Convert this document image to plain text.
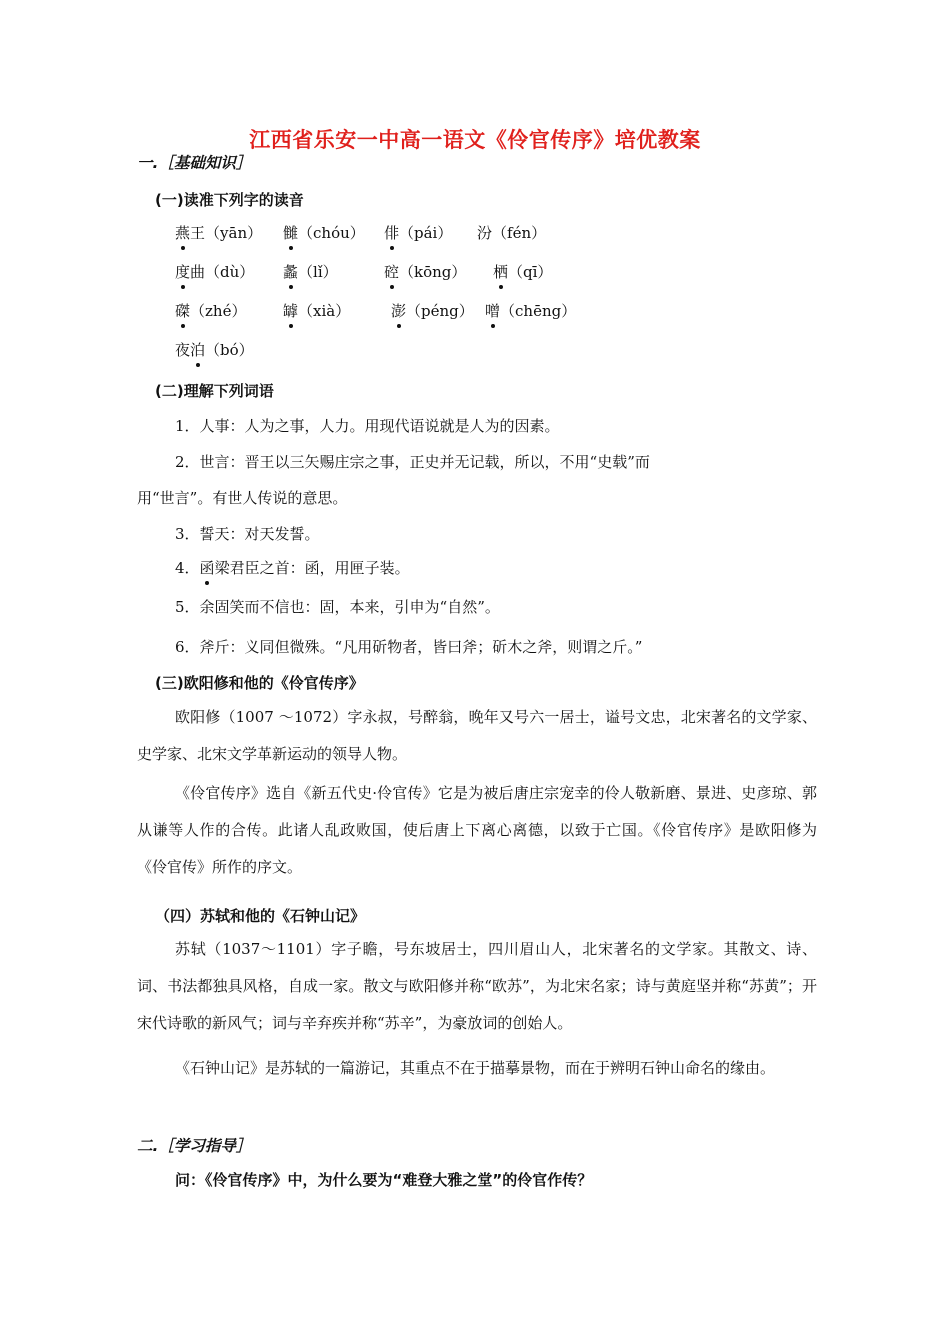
江西省乐安一中高一语文《伶官传序》培优教案
一.［基础知识］
(一)读准下列字的读音
燕王（yān） 雠（chóu） 俳（pái） 汾（fén）
度曲（dù） 蠡（lǐ）	硿（kōng） 栖（qī）
磔（zhé） 罅（xià）	澎（péng） 噌（chēng）
夜泊（bó）
(二)理解下列词语
1．人事：人为之事，人力。用现代语说就是人为的因素。
2．世言：晋王以三矢赐庄宗之事，正史并无记载，所以，不用“史载”而
用“世言”。有世人传说的意思。
3．誓天：对天发誓。
4．函梁君臣之首：函，用匣子装。
5．余固笑而不信也：固，本来，引申为“自然”。
6．斧斤：义同但微殊。“凡用斫物者，皆曰斧；斫木之斧，则谓之斤。”
(三)欧阳修和他的《伶官传序》
欧阳修（1007 ～1072）字永叔，号醉翁，晚年又号六一居士，谥号文忠，北宋著名的文学家、史学家、北宋文学革新运动的领导人物。
《伶官传序》选自《新五代史·伶官传》它是为被后唐庄宗宠幸的伶人敬新磨、景进、史彦琼、郭从谦等人作的合传。此诸人乱政败国，使后唐上下离心离德，以致于亡国。《伶官传序》是欧阳修为《伶官传》所作的序文。
（四）苏轼和他的《石钟山记》
苏轼（1037～1101）字子瞻，号东坡居士，四川眉山人，北宋著名的文学家。其散文、诗、词、书法都独具风格，自成一家。散文与欧阳修并称“欧苏”，为北宋名家；诗与黄庭坚并称“苏黄”；开宋代诗歌的新风气；词与辛弃疾并称“苏辛”，为豪放词的创始人。
《石钟山记》是苏轼的一篇游记，其重点不在于描摹景物，而在于辨明石钟山命名的缘由。
二.［学习指导］
问：《伶官传序》中，为什么要为“难登大雅之堂”的伶官作传？
